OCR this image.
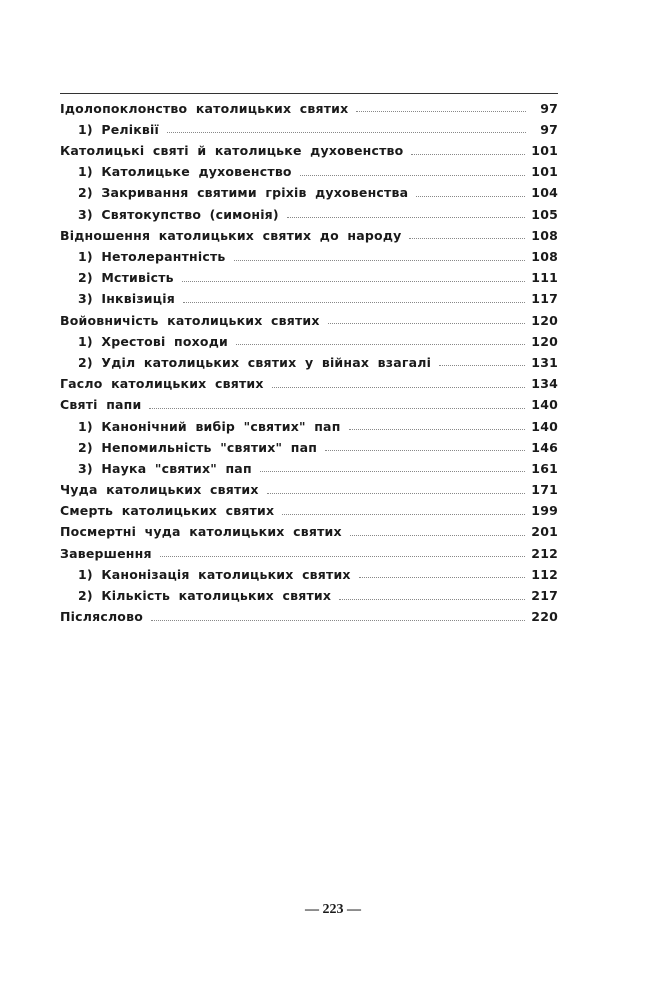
Ідолопоклонство католицьких святих	97
1) Реліквії	97
Католицькі святі й католицьке духовенство	101
1) Католицьке духовенство	101
2) Закривання святими гріхів духовенства	104
3) Святокупство (симонія)	105
Відношення католицьких святих до народу	108
1) Нетолерантність	108
2) Мстивість	111
3) Інквізиція	117
Войовничість католицьких святих	120
1) Хрестові походи	120
2) Уділ католицьких святих у війнах взагалі	131
Гасло католицьких святих	134
Святі папи	140
1) Канонічний вибір "святих" пап	140
2) Непомильність "святих" пап	146
3) Наука "святих" пап	161
Чуда католицьких святих	171
Смерть католицьких святих	199
Посмертні чуда католицьких святих	201
Завершення	212
1) Канонізація католицьких святих	112
2) Кількість католицьких святих	217
Післяслово	220
— 223 —
